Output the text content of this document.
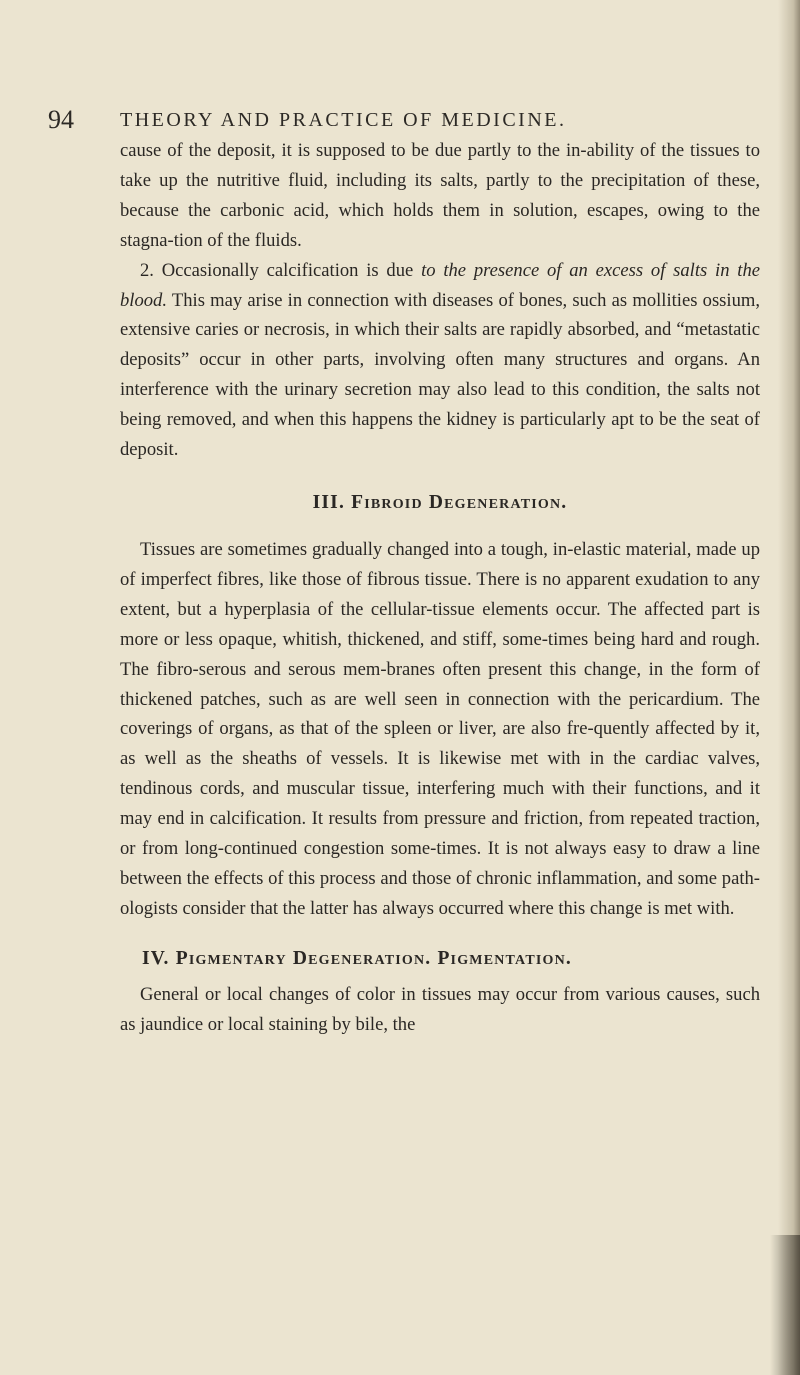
94 THEORY AND PRACTICE OF MEDICINE.

cause of the deposit, it is supposed to be due partly to the in-ability of the tissues to take up the nutritive fluid, including its salts, partly to the precipitation of these, because the carbonic acid, which holds them in solution, escapes, owing to the stagna-tion of the fluids.

2. Occasionally calcification is due to the presence of an excess of salts in the blood. This may arise in connection with diseases of bones, such as mollities ossium, extensive caries or necrosis, in which their salts are rapidly absorbed, and “metastatic deposits” occur in other parts, involving often many structures and organs. An interference with the urinary secretion may also lead to this condition, the salts not being removed, and when this happens the kidney is particularly apt to be the seat of deposit.

III. Fibroid Degeneration.

Tissues are sometimes gradually changed into a tough, in-elastic material, made up of imperfect fibres, like those of fibrous tissue. There is no apparent exudation to any extent, but a hyperplasia of the cellular-tissue elements occur. The affected part is more or less opaque, whitish, thickened, and stiff, some-times being hard and rough. The fibro-serous and serous mem-branes often present this change, in the form of thickened patches, such as are well seen in connection with the pericardium. The coverings of organs, as that of the spleen or liver, are also fre-quently affected by it, as well as the sheaths of vessels. It is likewise met with in the cardiac valves, tendinous cords, and muscular tissue, interfering much with their functions, and it may end in calcification. It results from pressure and friction, from repeated traction, or from long-continued congestion some-times. It is not always easy to draw a line between the effects of this process and those of chronic inflammation, and some path-ologists consider that the latter has always occurred where this change is met with.

IV. Pigmentary Degeneration. Pigmentation.

General or local changes of color in tissues may occur from various causes, such as jaundice or local staining by bile, the
